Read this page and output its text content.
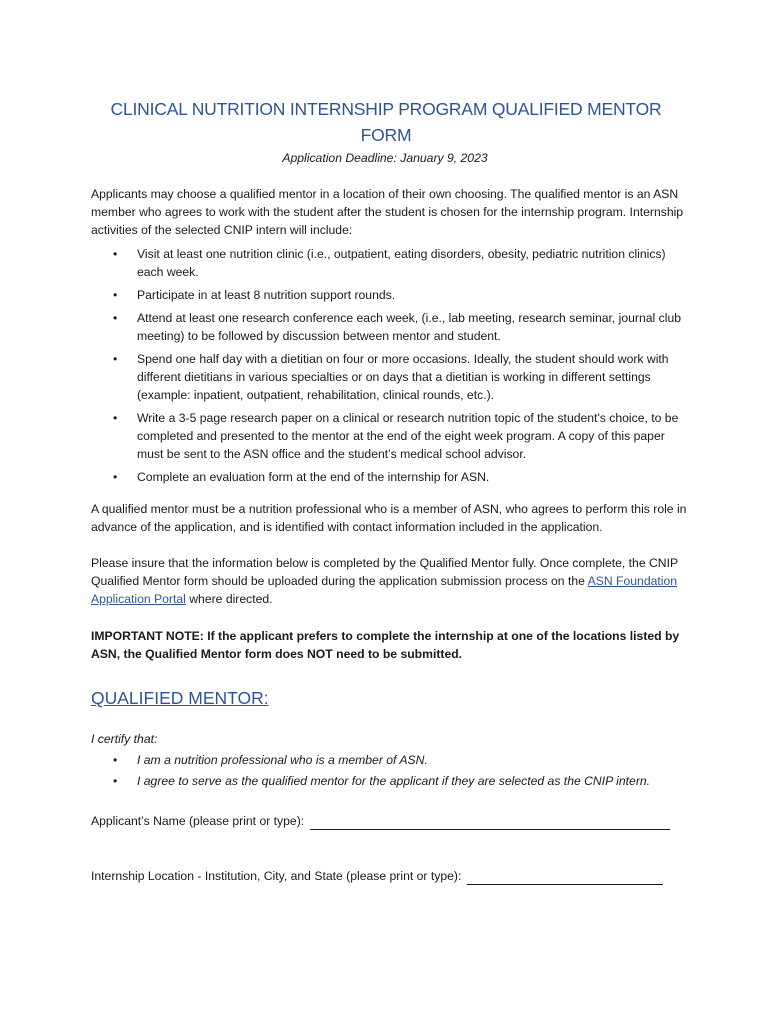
CLINICAL NUTRITION INTERNSHIP PROGRAM QUALIFIED MENTOR
FORM
Application Deadline: January 9, 2023
Applicants may choose a qualified mentor in a location of their own choosing. The qualified mentor is an ASN member who agrees to work with the student after the student is chosen for the internship program. Internship activities of the selected CNIP intern will include:
• Visit at least one nutrition clinic (i.e., outpatient, eating disorders, obesity, pediatric nutrition clinics) each week.
• Participate in at least 8 nutrition support rounds.
• Attend at least one research conference each week, (i.e., lab meeting, research seminar, journal club meeting) to be followed by discussion between mentor and student.
• Spend one half day with a dietitian on four or more occasions. Ideally, the student should work with different dietitians in various specialties or on days that a dietitian is working in different settings (example: inpatient, outpatient, rehabilitation, clinical rounds, etc.).
• Write a 3-5 page research paper on a clinical or research nutrition topic of the student's choice, to be completed and presented to the mentor at the end of the eight week program. A copy of this paper must be sent to the ASN office and the student’s medical school advisor.
• Complete an evaluation form at the end of the internship for ASN.
A qualified mentor must be a nutrition professional who is a member of ASN, who agrees to perform this role in advance of the application, and is identified with contact information included in the application.
Please insure that the information below is completed by the Qualified Mentor fully. Once complete, the CNIP Qualified Mentor form should be uploaded during the application submission process on the ASN Foundation Application Portal where directed.
IMPORTANT NOTE: If the applicant prefers to complete the internship at one of the locations listed by ASN, the Qualified Mentor form does NOT need to be submitted.
QUALIFIED MENTOR:
I certify that:
• I am a nutrition professional who is a member of ASN.
• I agree to serve as the qualified mentor for the applicant if they are selected as the CNIP intern.
Applicant’s Name (please print or type):
Internship Location - Institution, City, and State (please print or type):
